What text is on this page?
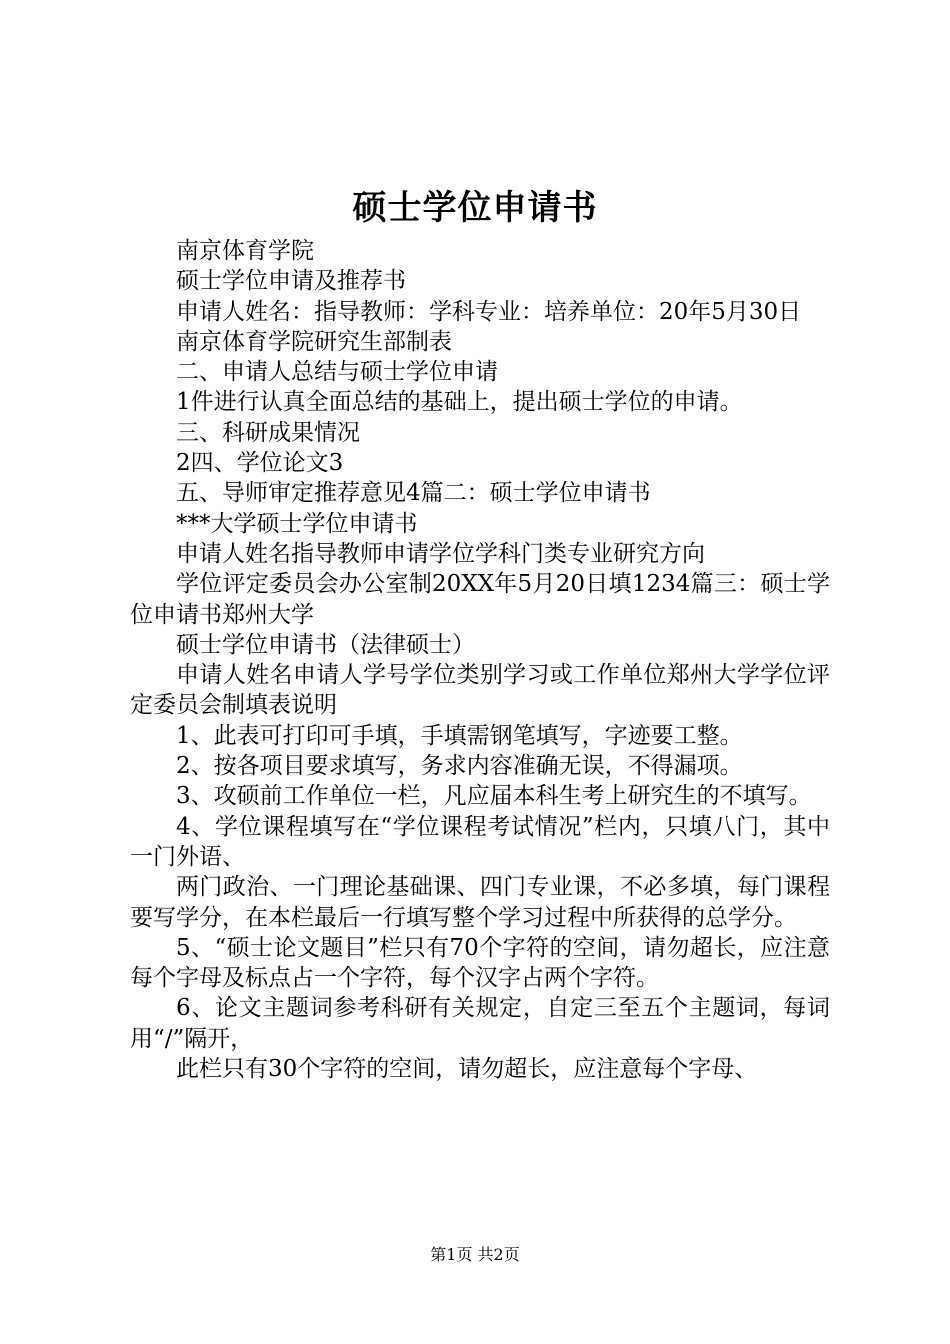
硕士学位申请书

南京体育学院

硕士学位申请及推荐书

申请人姓名：指导教师：学科专业：培养单位：20年5月30日

南京体育学院研究生部制表

二、申请人总结与硕士学位申请

1件进行认真全面总结的基础上，提出硕士学位的申请。

三、科研成果情况

2四、学位论文3

五、导师审定推荐意见4篇二：硕士学位申请书

***大学硕士学位申请书

申请人姓名指导教师申请学位学科门类专业研究方向

学位评定委员会办公室制20XX年5月20日填1234篇三：硕士学位申请书郑州大学

硕士学位申请书（法律硕士）

申请人姓名申请人学号学位类别学习或工作单位郑州大学学位评定委员会制填表说明

1、此表可打印可手填，手填需钢笔填写，字迹要工整。

2、按各项目要求填写，务求内容准确无误，不得漏项。

3、攻硕前工作单位一栏，凡应届本科生考上研究生的不填写。

4、学位课程填写在“学位课程考试情况”栏内，只填八门，其中一门外语、

两门政治、一门理论基础课、四门专业课，不必多填，每门课程要写学分，在本栏最后一行填写整个学习过程中所获得的总学分。

5、“硕士论文题目”栏只有70个字符的空间，请勿超长，应注意每个字母及标点占一个字符，每个汉字占两个字符。

6、论文主题词参考科研有关规定，自定三至五个主题词，每词用“/”隔开，

此栏只有30个字符的空间，请勿超长，应注意每个字母、

第1页 共2页
